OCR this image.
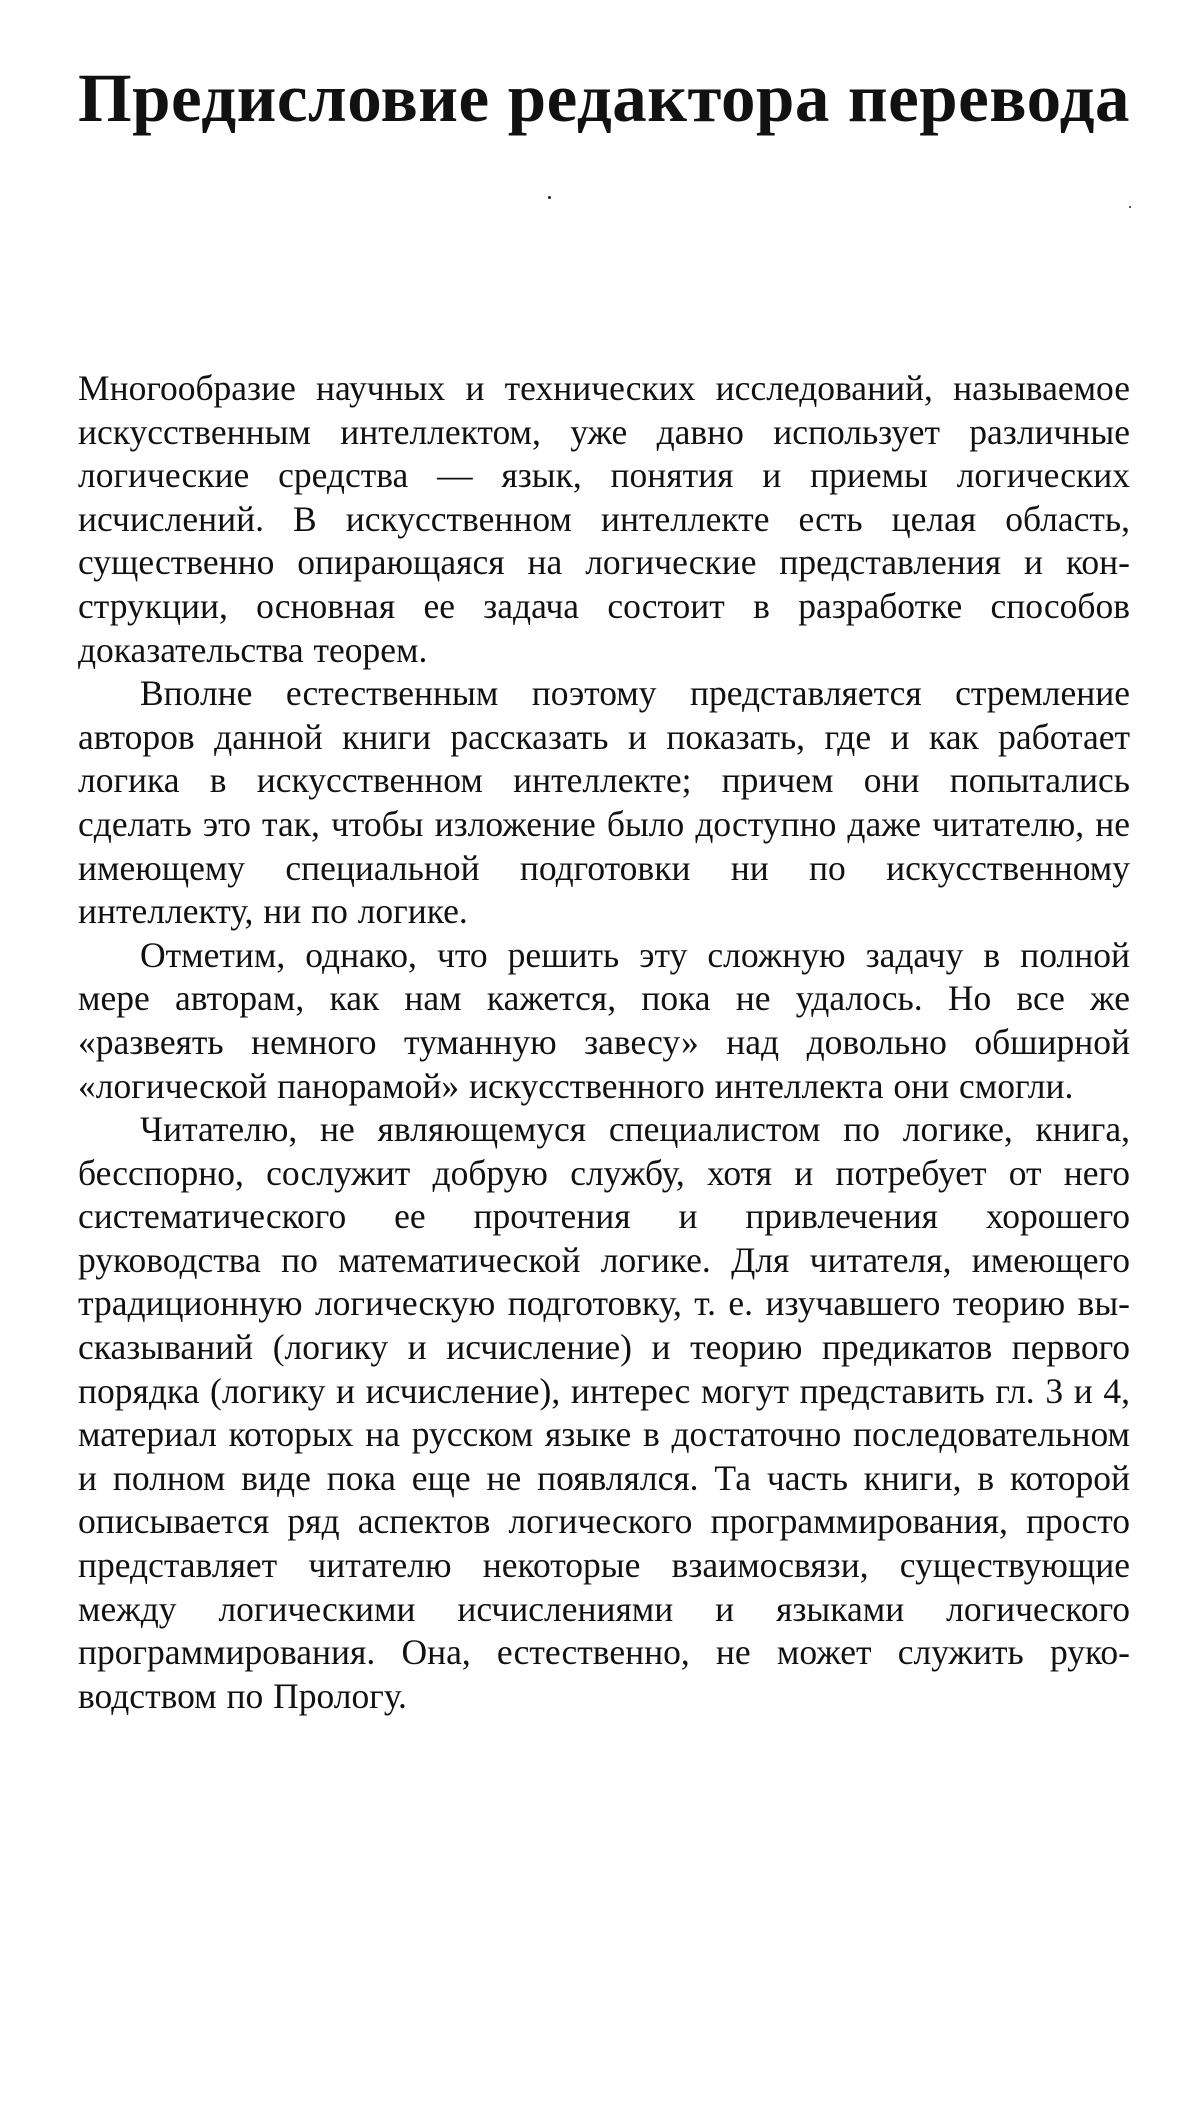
Предисловие редактора перевода

Многообразие научных и технических исследований, называемое искусственным интеллектом, уже давно использует различные логические средства — язык, понятия и приемы логических исчислений. В искусственном интеллекте есть целая область, существенно опирающаяся на логические представления и конструкции, основная ее задача состоит в разработке способов доказательства теорем.

Вполне естественным поэтому представляется стремление авторов данной книги рассказать и показать, где и как работает логика в искусственном интеллекте; причем они попытались сделать это так, чтобы изложение было доступно даже читателю, не имеющему специальной подготовки ни по искусственному интеллекту, ни по логике.

Отметим, однако, что решить эту сложную задачу в полной мере авторам, как нам кажется, пока не удалось. Но все же «развеять немного туманную завесу» над довольно обширной «логической панорамой» искусственного интеллекта они смогли.

Читателю, не являющемуся специалистом по логике, книга, бесспорно, сослужит добрую службу, хотя и потребует от него систематического ее прочтения и привлечения хорошего руководства по математической логике. Для читателя, имеющего традиционную логическую подготовку, т. е. изучавшего теорию высказываний (логику и исчисление) и теорию предикатов первого порядка (логику и исчисление), интерес могут представить гл. 3 и 4, материал которых на русском языке в достаточно последовательном и полном виде пока еще не появлялся. Та часть книги, в которой описывается ряд аспектов логического программирования, просто представляет читателю некоторые взаимосвязи, существующие между логическими исчислениями и языками логического программирования. Она, естественно, не может служить руководством по Прологу.
